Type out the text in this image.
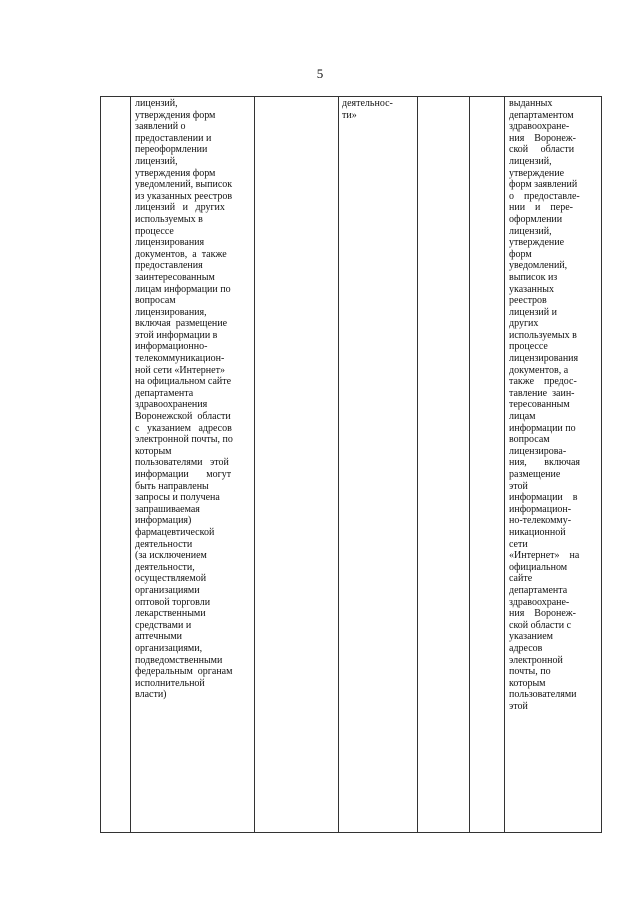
5
лицензий,
утверждения форм
заявлений о
предоставлении и
переоформлении
лицензий,
утверждения форм
уведомлений, выписок
из указанных реестров
лицензий   и   других
используемых в
процессе
лицензирования
документов,  а  также
предоставления
заинтересованным
лицам информации по
вопросам
лицензирования,
включая  размещение
этой информации в
информационно-
телекоммуникацион-
ной сети «Интернет»
на официальном сайте
департамента
здравоохранения
Воронежской  области
с   указанием   адресов
электронной почты, по
которым
пользователями   этой
информации       могут
быть направлены
запросы и получена
запрашиваемая
информация)
фармацевтической
деятельности
(за исключением
деятельности,
осуществляемой
организациями
оптовой торговли
лекарственными
средствами и
аптечными
организациями,
подведомственными
федеральным  органам
исполнительной
власти)
деятельнос-
ти»
выданных
департаментом
здравоохране-
ния    Воронеж-
ской     области
лицензий,
утверждение
форм заявлений
о    предоставле-
нии    и    пере-
оформлении
лицензий,
утверждение
форм
уведомлений,
выписок из
указанных
реестров
лицензий и
других
используемых в
процессе
лицензирования
документов, а
также    предос-
тавление  заин-
тересованным
лицам
информации по
вопросам
лицензирова-
ния,       включая
размещение
этой
информации    в
информацион-
но-телекомму-
никационной
сети
«Интернет»    на
официальном
сайте
департамента
здравоохране-
ния    Воронеж-
ской области с
указанием
адресов
электронной
почты, по
которым
пользователями
этой
